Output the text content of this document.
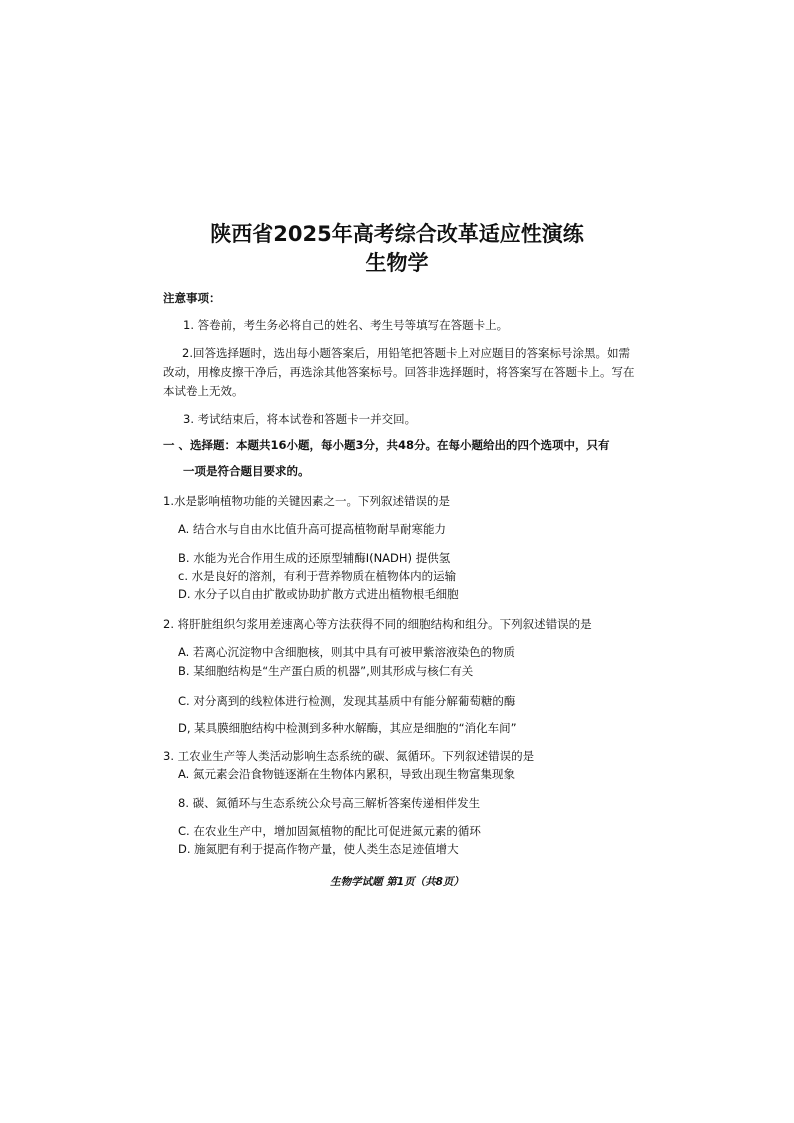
陕西省2025年高考综合改革适应性演练
生物学
注意事项：
1. 答卷前，考生务必将自己的姓名、考生号等填写在答题卡上。
2.回答选择题时，选出每小题答案后，用铅笔把答题卡上对应题目的答案标号涂黑。如需改动，用橡皮擦干净后，再选涂其他答案标号。回答非选择题时，将答案写在答题卡上。写在本试卷上无效。
3. 考试结束后，将本试卷和答题卡一并交回。
一 、选择题：本题共16小题，每小题3分，共48分。在每小题给出的四个选项中，只有
一项是符合题目要求的。
1.水是影响植物功能的关键因素之一。下列叙述错误的是
A. 结合水与自由水比值升高可提高植物耐旱耐寒能力
B. 水能为光合作用生成的还原型辅酶I(NADH) 提供氢
c. 水是良好的溶剂，有利于营养物质在植物体内的运输
D. 水分子以自由扩散或协助扩散方式进出植物根毛细胞
2. 将肝脏组织匀浆用差速离心等方法获得不同的细胞结构和组分。下列叙述错误的是
A. 若离心沉淀物中含细胞核，则其中具有可被甲紫溶液染色的物质
B. 某细胞结构是“生产蛋白质的机器”,则其形成与核仁有关
C. 对分离到的线粒体进行检测，发现其基质中有能分解葡萄糖的酶
D, 某具膜细胞结构中检测到多种水解酶，其应是细胞的“消化车间”
3. 工农业生产等人类活动影响生态系统的碳、氮循环。下列叙述错误的是
A. 氮元素会沿食物链逐渐在生物体内累积，导致出现生物富集现象
8. 碳、氮循环与生态系统公众号高三解析答案传递相伴发生
C. 在农业生产中，增加固氮植物的配比可促进氮元素的循环
D. 施氮肥有利于提高作物产量，使人类生态足迹值增大
生物学试题 第1页（共8页）
